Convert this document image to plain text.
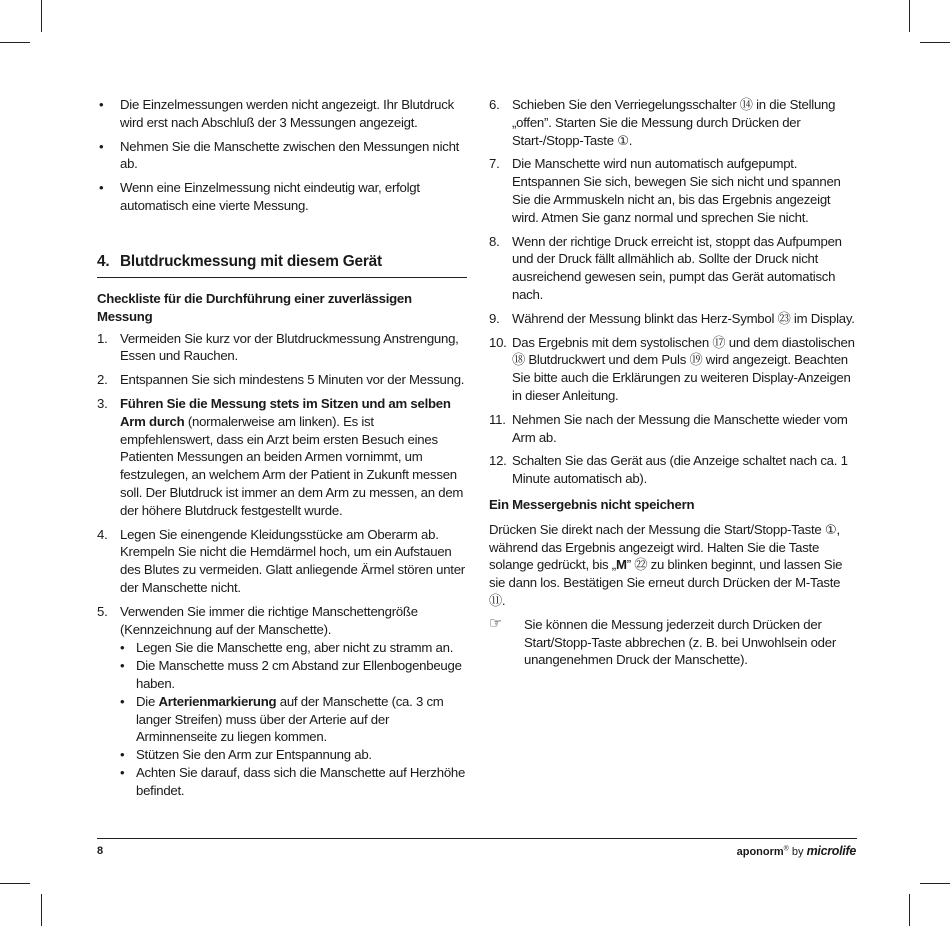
• Die Einzelmessungen werden nicht angezeigt. Ihr Blutdruck wird erst nach Abschluß der 3 Messungen angezeigt.
• Nehmen Sie die Manschette zwischen den Messungen nicht ab.
• Wenn eine Einzelmessung nicht eindeutig war, erfolgt automatisch eine vierte Messung.
4. Blutdruckmessung mit diesem Gerät
Checkliste für die Durchführung einer zuverlässigen Messung
1. Vermeiden Sie kurz vor der Blutdruckmessung Anstrengung, Essen und Rauchen.
2. Entspannen Sie sich mindestens 5 Minuten vor der Messung.
3. Führen Sie die Messung stets im Sitzen und am selben Arm durch (normalerweise am linken). Es ist empfehlenswert, dass ein Arzt beim ersten Besuch eines Patienten Messungen an beiden Armen vornimmt, um festzulegen, an welchem Arm der Patient in Zukunft messen soll. Der Blutdruck ist immer an dem Arm zu messen, an dem der höhere Blutdruck festgestellt wurde.
4. Legen Sie einengende Kleidungsstücke am Oberarm ab. Krempeln Sie nicht die Hemdärmel hoch, um ein Aufstauen des Blutes zu vermeiden. Glatt anliegende Ärmel stören unter der Manschette nicht.
5. Verwenden Sie immer die richtige Manschettengröße (Kennzeichnung auf der Manschette).
• Legen Sie die Manschette eng, aber nicht zu stramm an.
• Die Manschette muss 2 cm Abstand zur Ellenbogenbeuge haben.
• Die Arterienmarkierung auf der Manschette (ca. 3 cm langer Streifen) muss über der Arterie auf der Arminnenseite zu liegen kommen.
• Stützen Sie den Arm zur Entspannung ab.
• Achten Sie darauf, dass sich die Manschette auf Herzhöhe befindet.
6. Schieben Sie den Verriegelungsschalter ⑭ in die Stellung „offen”. Starten Sie die Messung durch Drücken der Start-/Stopp-Taste ①.
7. Die Manschette wird nun automatisch aufgepumpt. Entspannen Sie sich, bewegen Sie sich nicht und spannen Sie die Armmuskeln nicht an, bis das Ergebnis angezeigt wird. Atmen Sie ganz normal und sprechen Sie nicht.
8. Wenn der richtige Druck erreicht ist, stoppt das Aufpumpen und der Druck fällt allmählich ab. Sollte der Druck nicht ausreichend gewesen sein, pumpt das Gerät automatisch nach.
9. Während der Messung blinkt das Herz-Symbol ㉓ im Display.
10. Das Ergebnis mit dem systolischen ⑰ und dem diastolischen ⑱ Blutdruckwert und dem Puls ⑲ wird angezeigt. Beachten Sie bitte auch die Erklärungen zu weiteren Display-Anzeigen in dieser Anleitung.
11. Nehmen Sie nach der Messung die Manschette wieder vom Arm ab.
12. Schalten Sie das Gerät aus (die Anzeige schaltet nach ca. 1 Minute automatisch ab).
Ein Messergebnis nicht speichern
Drücken Sie direkt nach der Messung die Start/Stopp-Taste ①, während das Ergebnis angezeigt wird. Halten Sie die Taste solange gedrückt, bis „M” ㉒ zu blinken beginnt, und lassen Sie sie dann los. Bestätigen Sie erneut durch Drücken der M-Taste ⑪.
☞ Sie können die Messung jederzeit durch Drücken der Start/Stopp-Taste abbrechen (z. B. bei Unwohlsein oder unangenehmen Druck der Manschette).
8	aponorm® by microlife
